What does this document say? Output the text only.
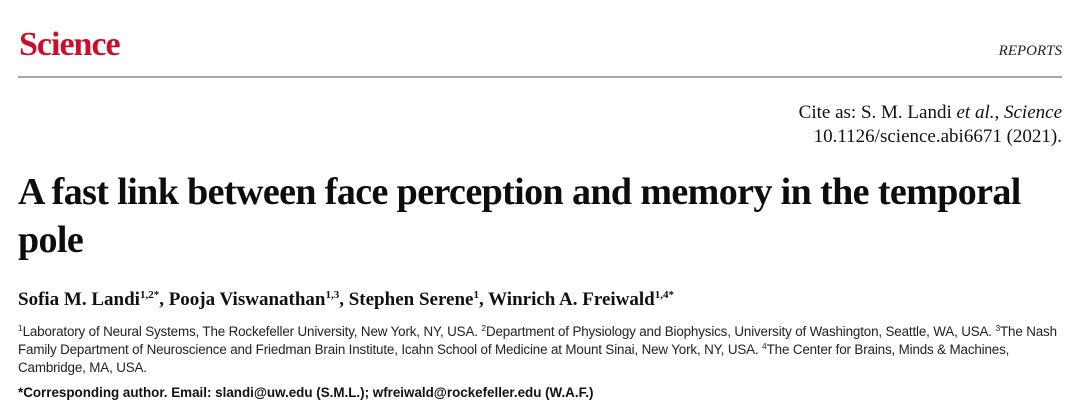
Science	REPORTS
Cite as: S. M. Landi et al., Science
10.1126/science.abi6671 (2021).
A fast link between face perception and memory in the temporal pole
Sofia M. Landi$^{1,2*}$, Pooja Viswanathan$^{1,3}$, Stephen Serene$^1$, Winrich A. Freiwald$^{1,4*}$
$^1$Laboratory of Neural Systems, The Rockefeller University, New York, NY, USA. $^2$Department of Physiology and Biophysics, University of Washington, Seattle, WA, USA. $^3$The Nash Family Department of Neuroscience and Friedman Brain Institute, Icahn School of Medicine at Mount Sinai, New York, NY, USA. $^4$The Center for Brains, Minds & Machines, Cambridge, MA, USA.
*Corresponding author. Email: slandi@uw.edu (S.M.L.); wfreiwald@rockefeller.edu (W.A.F.)
